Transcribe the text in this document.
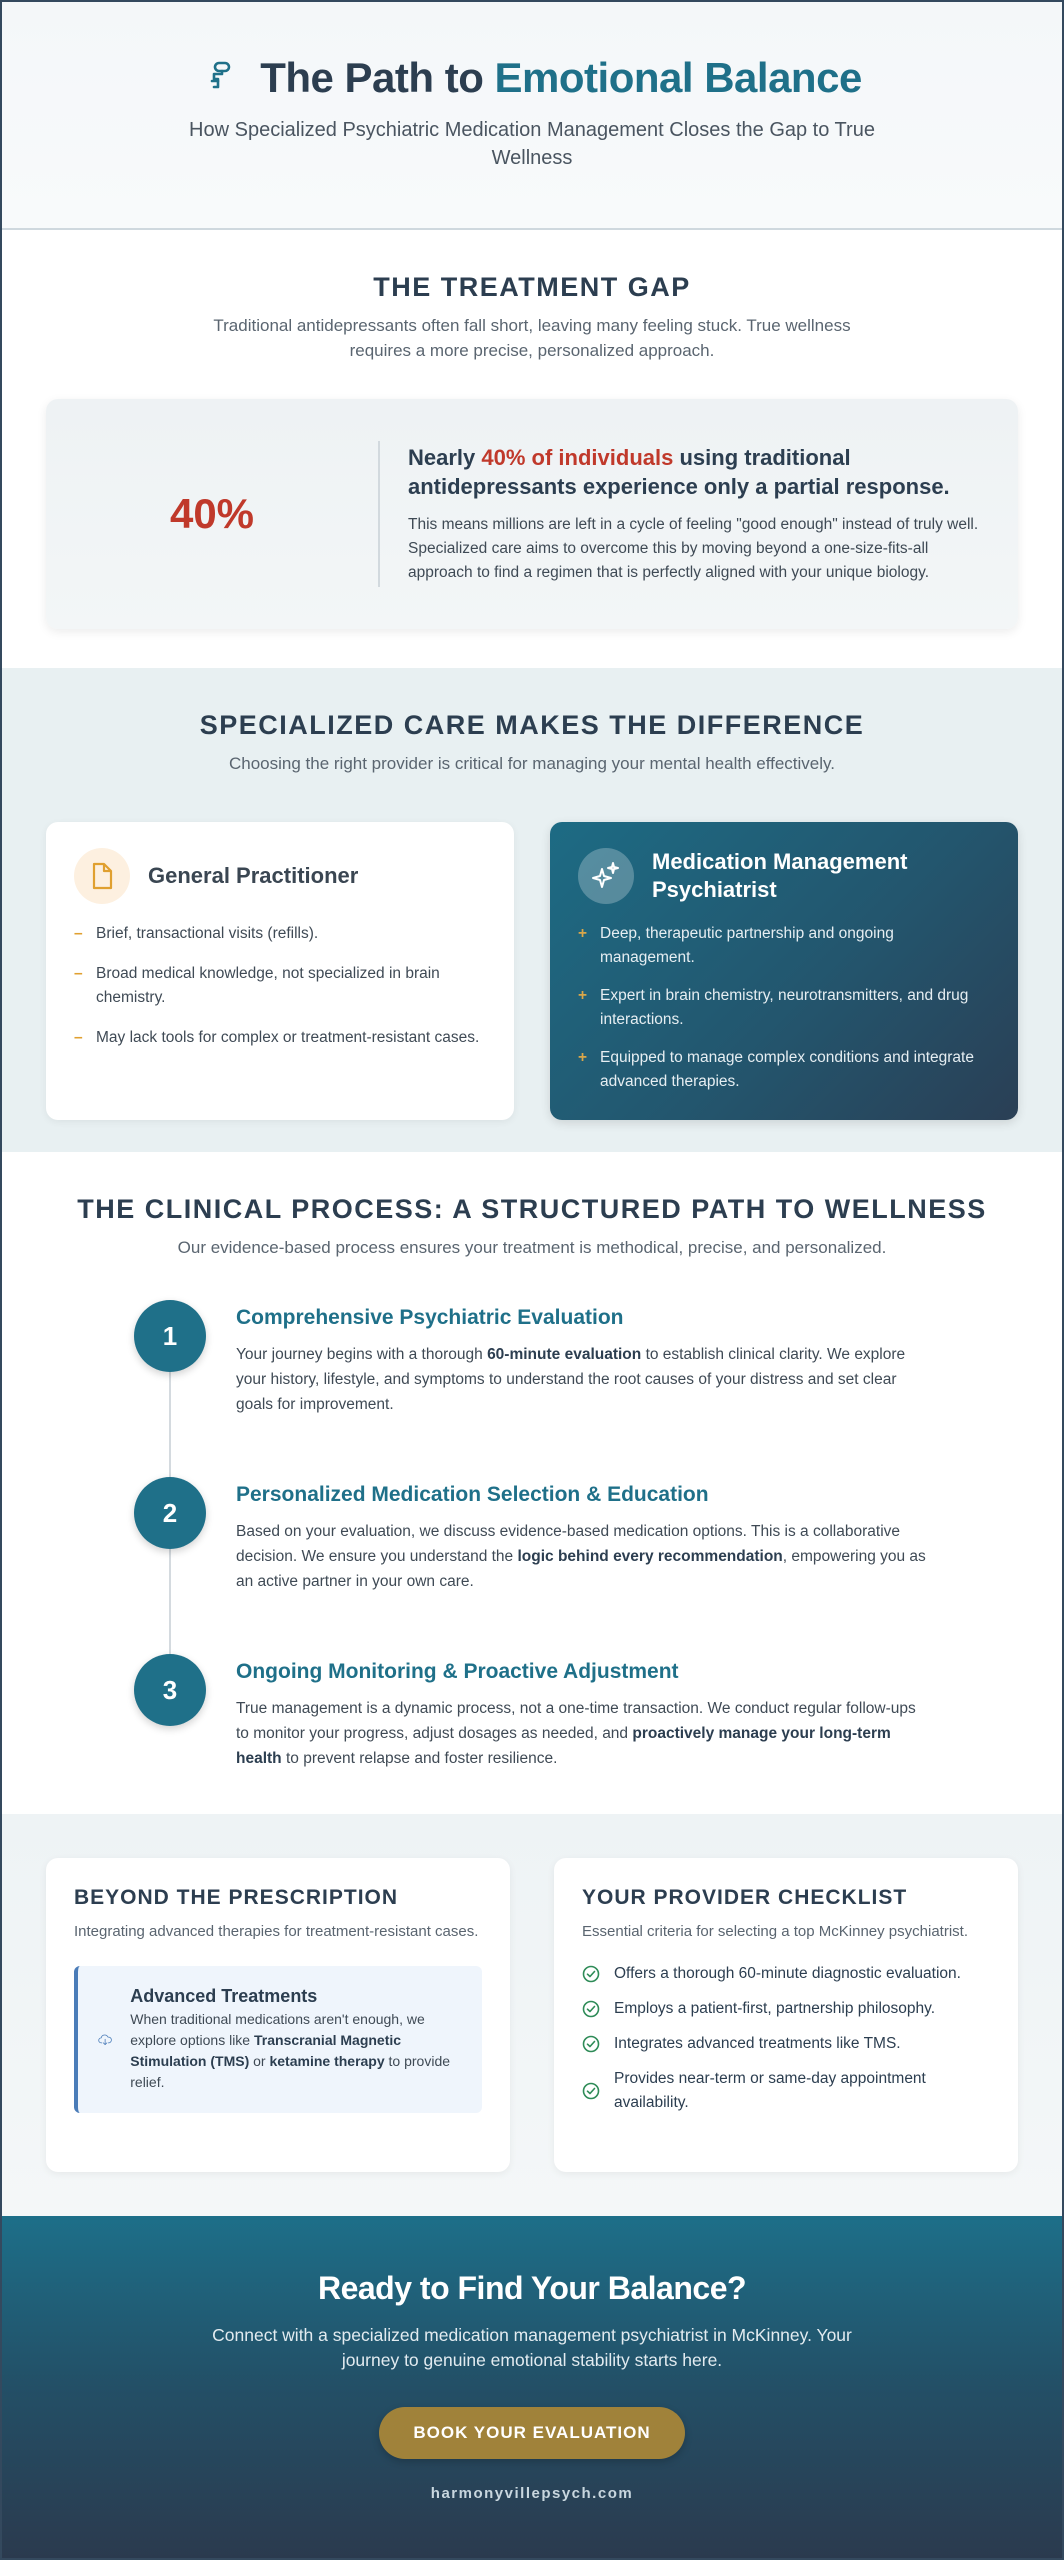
The Path to Emotional Balance

How Specialized Psychiatric Medication Management Closes the Gap to True Wellness

THE TREATMENT GAP

Traditional antidepressants often fall short, leaving many feeling stuck. True wellness requires a more precise, personalized approach.

40%

Nearly 40% of individuals using traditional antidepressants experience only a partial response.

This means millions are left in a cycle of feeling "good enough" instead of truly well. Specialized care aims to overcome this by moving beyond a one-size-fits-all approach to find a regimen that is perfectly aligned with your unique biology.

SPECIALIZED CARE MAKES THE DIFFERENCE

Choosing the right provider is critical for managing your mental health effectively.

General Practitioner
– Brief, transactional visits (refills).
– Broad medical knowledge, not specialized in brain chemistry.
– May lack tools for complex or treatment-resistant cases.
Medication Management Psychiatrist
+ Deep, therapeutic partnership and ongoing management.
+ Expert in brain chemistry, neurotransmitters, and drug interactions.
+ Equipped to manage complex conditions and integrate advanced therapies.
THE CLINICAL PROCESS: A STRUCTURED PATH TO WELLNESS

Our evidence-based process ensures your treatment is methodical, precise, and personalized.

1
Comprehensive Psychiatric Evaluation

Your journey begins with a thorough 60-minute evaluation to establish clinical clarity. We explore your history, lifestyle, and symptoms to understand the root causes of your distress and set clear goals for improvement.

2
Personalized Medication Selection & Education

Based on your evaluation, we discuss evidence-based medication options. This is a collaborative decision. We ensure you understand the logic behind every recommendation, empowering you as an active partner in your own care.

3
Ongoing Monitoring & Proactive Adjustment

True management is a dynamic process, not a one-time transaction. We conduct regular follow-ups to monitor your progress, adjust dosages as needed, and proactively manage your long-term health to prevent relapse and foster resilience.

BEYOND THE PRESCRIPTION

Integrating advanced therapies for treatment-resistant cases.

Advanced Treatments

When traditional medications aren't enough, we explore options like Transcranial Magnetic Stimulation (TMS) or ketamine therapy to provide relief.

YOUR PROVIDER CHECKLIST

Essential criteria for selecting a top McKinney psychiatrist.

Offers a thorough 60-minute diagnostic evaluation.
Employs a patient-first, partnership philosophy.
Integrates advanced treatments like TMS.
Provides near-term or same-day appointment availability.
Ready to Find Your Balance?

Connect with a specialized medication management psychiatrist in McKinney. Your journey to genuine emotional stability starts here.

BOOK YOUR EVALUATION
harmonyvillepsych.com
